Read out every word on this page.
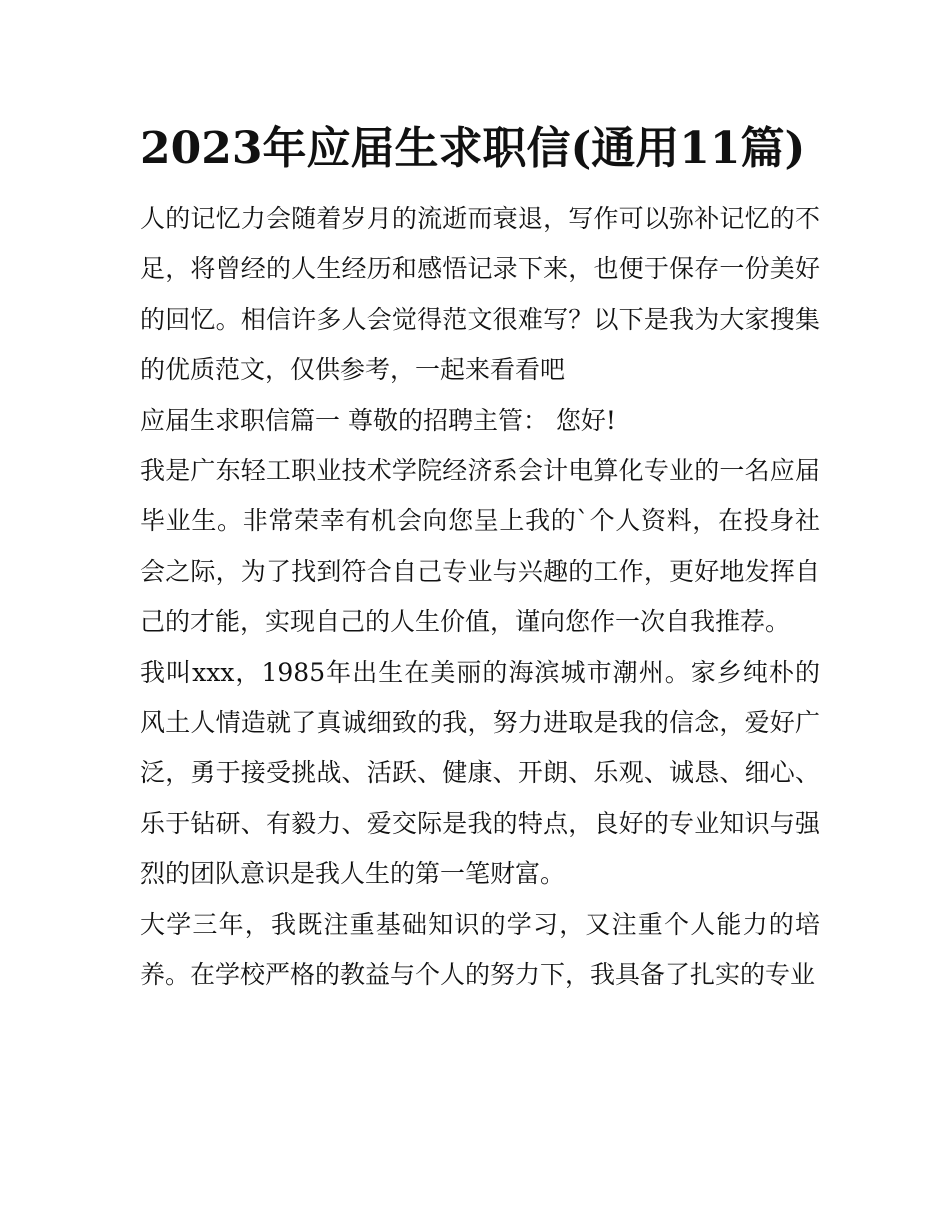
2023年应届生求职信(通用11篇)

人的记忆力会随着岁月的流逝而衰退，写作可以弥补记忆的不足，将曾经的人生经历和感悟记录下来，也便于保存一份美好的回忆。相信许多人会觉得范文很难写？以下是我为大家搜集的优质范文，仅供参考，一起来看看吧

应届生求职信篇一 尊敬的招聘主管： 您好!

我是广东轻工职业技术学院经济系会计电算化专业的一名应届毕业生。非常荣幸有机会向您呈上我的`个人资料，在投身社会之际，为了找到符合自己专业与兴趣的工作，更好地发挥自己的才能，实现自己的人生价值，谨向您作一次自我推荐。

我叫xxx，1985年出生在美丽的海滨城市潮州。家乡纯朴的风土人情造就了真诚细致的我，努力进取是我的信念，爱好广泛，勇于接受挑战、活跃、健康、开朗、乐观、诚恳、细心、乐于钻研、有毅力、爱交际是我的特点，良好的专业知识与强烈的团队意识是我人生的第一笔财富。

大学三年，我既注重基础知识的学习，又注重个人能力的培养。在学校严格的教益与个人的努力下，我具备了扎实的专业
